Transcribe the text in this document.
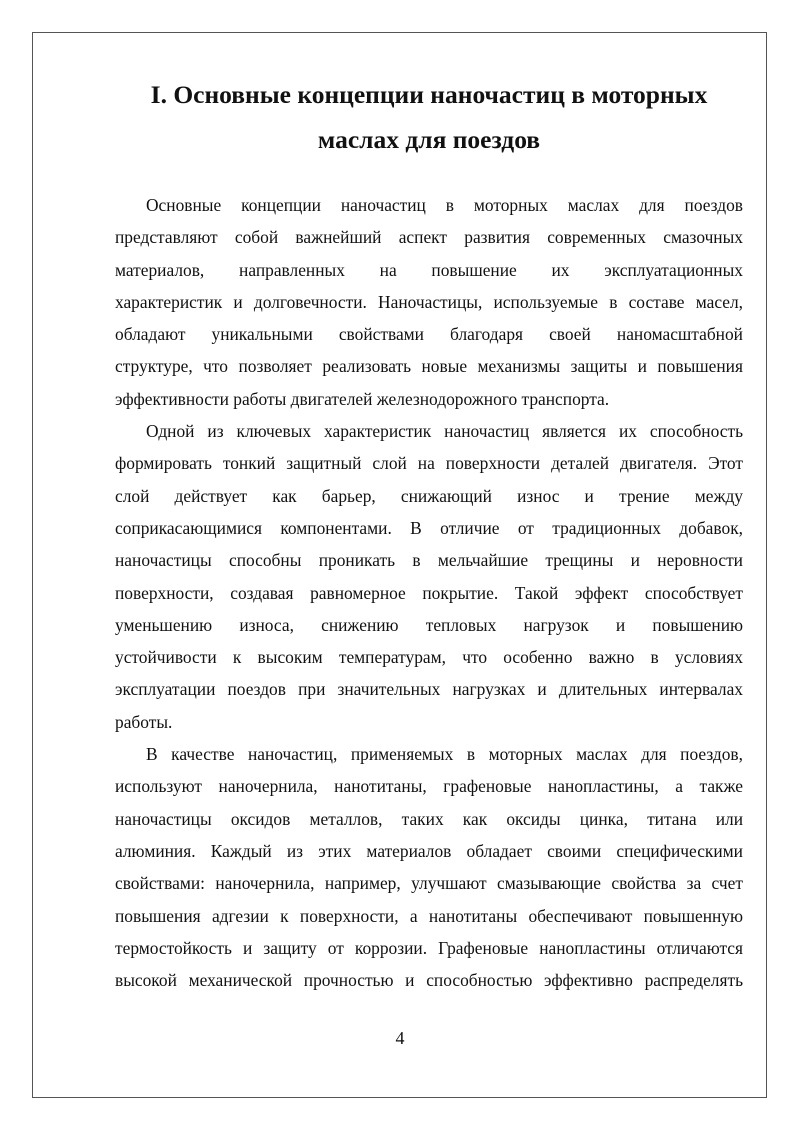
I. Основные концепции наночастиц в моторных
маслах для поездов

Основные концепции наночастиц в моторных маслах для поездов
представляют собой важнейший аспект развития современных смазочных
материалов, направленных на повышение их эксплуатационных
характеристик и долговечности. Наночастицы, используемые в составе масел,
обладают уникальными свойствами благодаря своей наномасштабной
структуре, что позволяет реализовать новые механизмы защиты и повышения
эффективности работы двигателей железнодорожного транспорта.

Одной из ключевых характеристик наночастиц является их способность
формировать тонкий защитный слой на поверхности деталей двигателя. Этот
слой действует как барьер, снижающий износ и трение между
соприкасающимися компонентами. В отличие от традиционных добавок,
наночастицы способны проникать в мельчайшие трещины и неровности
поверхности, создавая равномерное покрытие. Такой эффект способствует
уменьшению износа, снижению тепловых нагрузок и повышению
устойчивости к высоким температурам, что особенно важно в условиях
эксплуатации поездов при значительных нагрузках и длительных интервалах
работы.

В качестве наночастиц, применяемых в моторных маслах для поездов,
используют наночернила, нанотитаны, графеновые нанопластины, а также
наночастицы оксидов металлов, таких как оксиды цинка, титана или
алюминия. Каждый из этих материалов обладает своими специфическими
свойствами: наночернила, например, улучшают смазывающие свойства за счет
повышения адгезии к поверхности, а нанотитаны обеспечивают повышенную
термостойкость и защиту от коррозии. Графеновые нанопластины отличаются
высокой механической прочностью и способностью эффективно распределять

4
